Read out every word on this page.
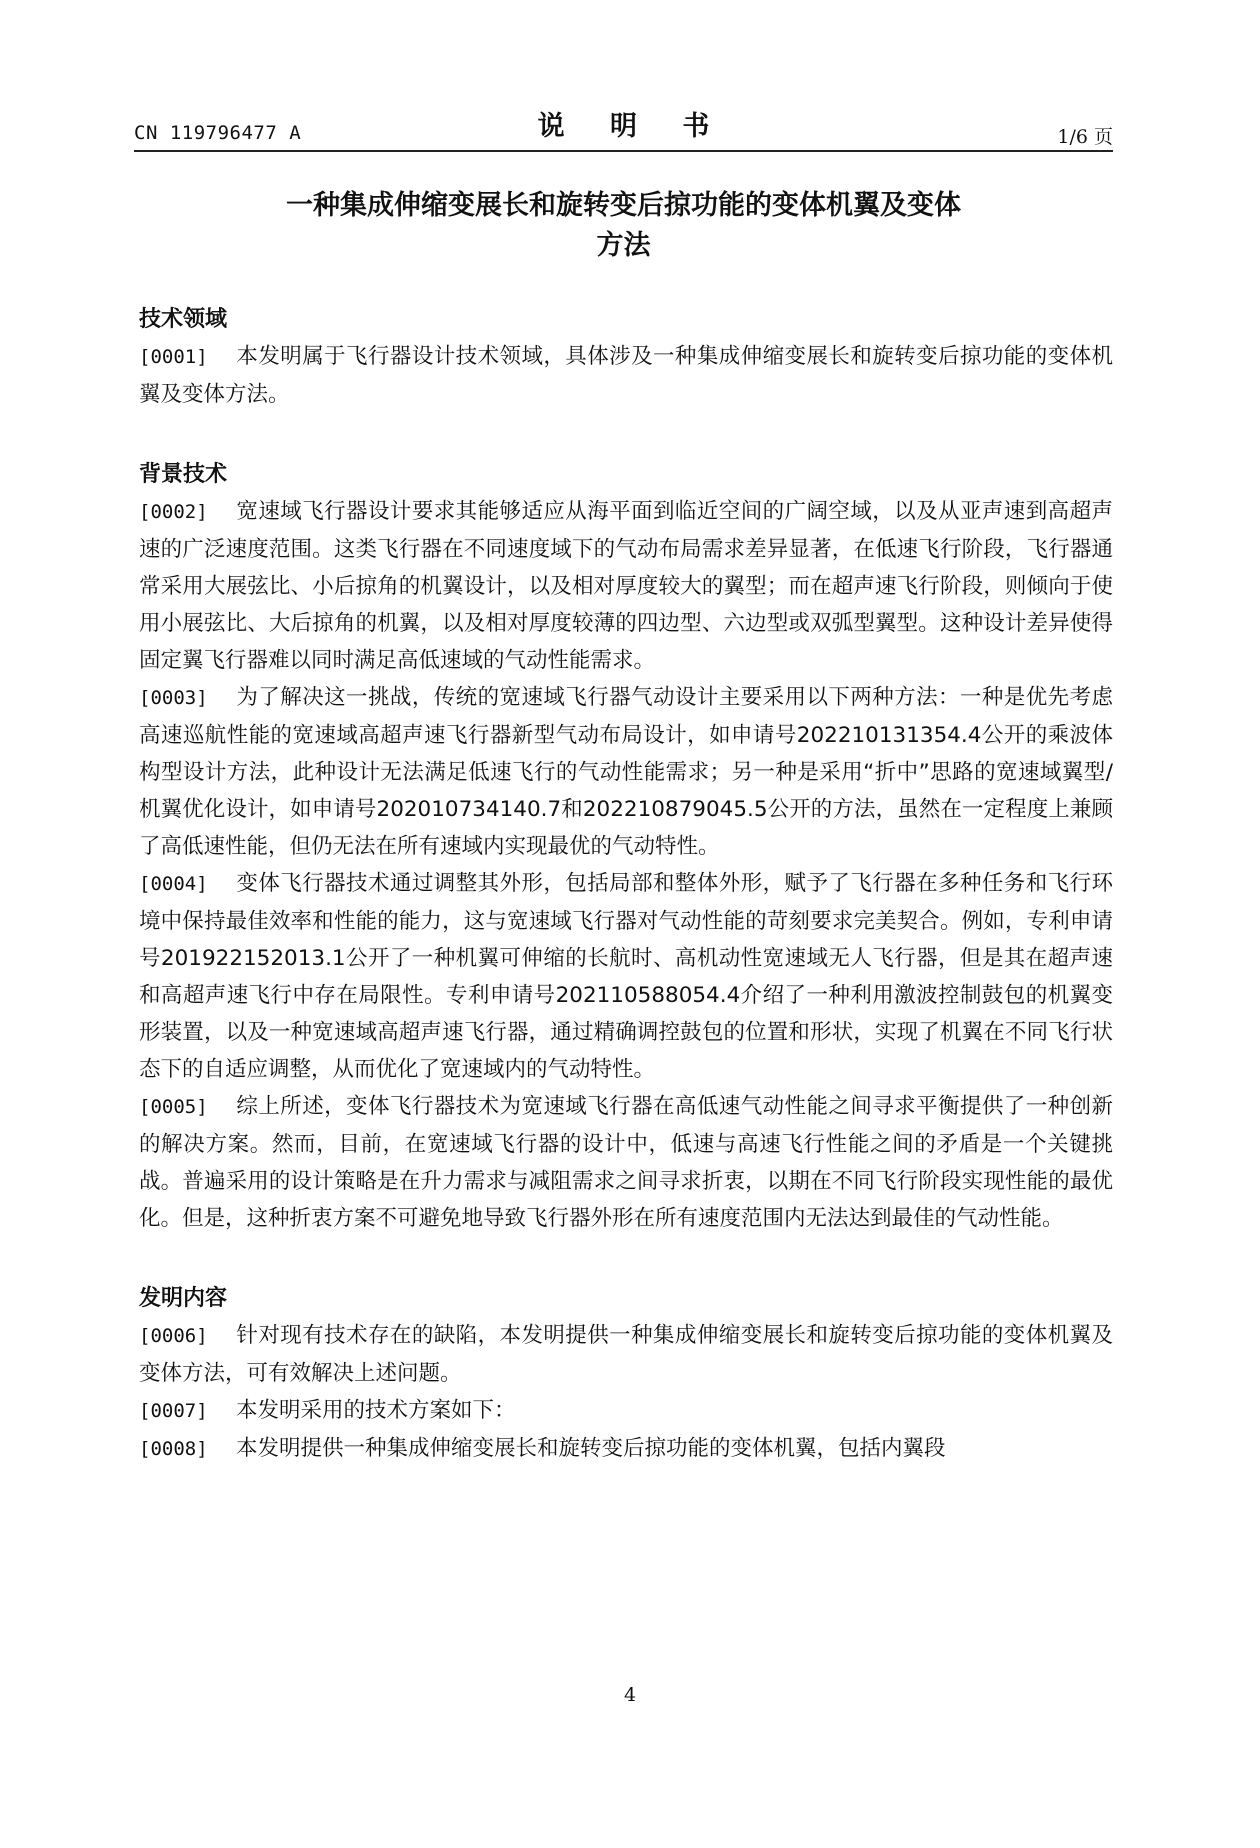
CN 119796477 A	说 明 书	1/6 页
一种集成伸缩变展长和旋转变后掠功能的变体机翼及变体
方法
技术领域

[0001] 本发明属于飞行器设计技术领域，具体涉及一种集成伸缩变展长和旋转变后掠功能的变体机翼及变体方法。

背景技术

[0002] 宽速域飞行器设计要求其能够适应从海平面到临近空间的广阔空域，以及从亚声速到高超声速的广泛速度范围。这类飞行器在不同速度域下的气动布局需求差异显著，在低速飞行阶段，飞行器通常采用大展弦比、小后掠角的机翼设计，以及相对厚度较大的翼型；而在超声速飞行阶段，则倾向于使用小展弦比、大后掠角的机翼，以及相对厚度较薄的四边型、六边型或双弧型翼型。这种设计差异使得固定翼飞行器难以同时满足高低速域的气动性能需求。

[0003] 为了解决这一挑战，传统的宽速域飞行器气动设计主要采用以下两种方法：一种是优先考虑高速巡航性能的宽速域高超声速飞行器新型气动布局设计，如申请号202210131354.4公开的乘波体构型设计方法，此种设计无法满足低速飞行的气动性能需求；另一种是采用“折中”思路的宽速域翼型/机翼优化设计，如申请号202010734140.7和202210879045.5公开的方法，虽然在一定程度上兼顾了高低速性能，但仍无法在所有速域内实现最优的气动特性。

[0004] 变体飞行器技术通过调整其外形，包括局部和整体外形，赋予了飞行器在多种任务和飞行环境中保持最佳效率和性能的能力，这与宽速域飞行器对气动性能的苛刻要求完美契合。例如，专利申请号201922152013.1公开了一种机翼可伸缩的长航时、高机动性宽速域无人飞行器，但是其在超声速和高超声速飞行中存在局限性。专利申请号202110588054.4介绍了一种利用激波控制鼓包的机翼变形装置，以及一种宽速域高超声速飞行器，通过精确调控鼓包的位置和形状，实现了机翼在不同飞行状态下的自适应调整，从而优化了宽速域内的气动特性。

[0005] 综上所述，变体飞行器技术为宽速域飞行器在高低速气动性能之间寻求平衡提供了一种创新的解决方案。然而，目前，在宽速域飞行器的设计中，低速与高速飞行性能之间的矛盾是一个关键挑战。普遍采用的设计策略是在升力需求与减阻需求之间寻求折衷，以期在不同飞行阶段实现性能的最优化。但是，这种折衷方案不可避免地导致飞行器外形在所有速度范围内无法达到最佳的气动性能。

发明内容

[0006] 针对现有技术存在的缺陷，本发明提供一种集成伸缩变展长和旋转变后掠功能的变体机翼及变体方法，可有效解决上述问题。

[0007] 本发明采用的技术方案如下：

[0008] 本发明提供一种集成伸缩变展长和旋转变后掠功能的变体机翼，包括内翼段

4
